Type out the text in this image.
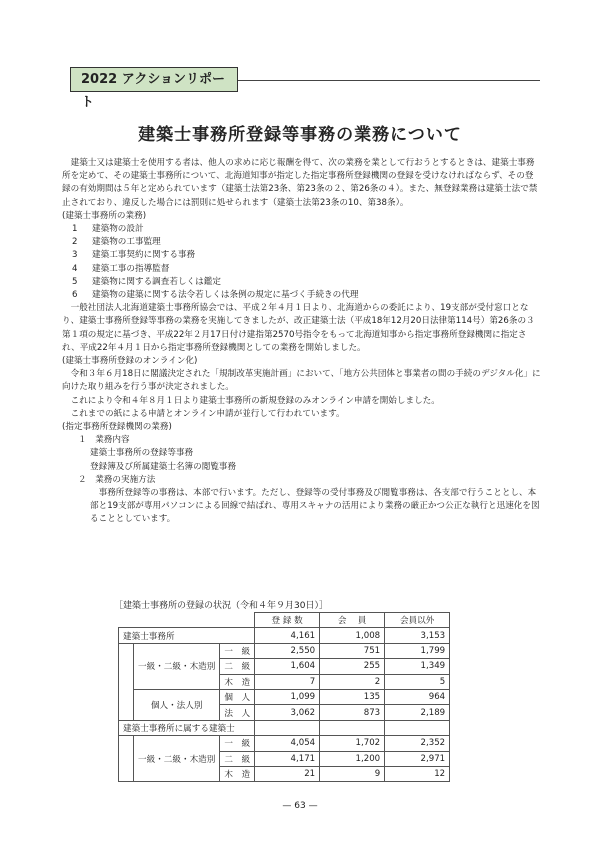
2022 アクションリポート
建築士事務所登録等事務の業務について

建築士又は建築士を使用する者は、他人の求めに応じ報酬を得て、次の業務を業として行おうとするときは、建築士事務所を定めて、その建築士事務所について、北海道知事が指定した指定事務所登録機関の登録を受けなければならず、その登録の有効期間は５年と定められています（建築士法第23条、第23条の２、第26条の４）。また、無登録業務は建築士法で禁止されており、違反した場合には罰則に処せられます（建築士法第23条の10、第38条）。

(建築士事務所の業務)

1 建築物の設計

2 建築物の工事監理

3 建築工事契約に関する事務

4 建築工事の指導監督

5 建築物に関する調査若しくは鑑定

6 建築物の建築に関する法令若しくは条例の規定に基づく手続きの代理

一般社団法人北海道建築士事務所協会では、平成２年４月１日より、北海道からの委託により、19支部が受付窓口となり、建築士事務所登録等事務の業務を実施してきましたが、改正建築士法（平成18年12月20日法律第114号）第26条の３第１項の規定に基づき、平成22年２月17日付け建指第2570号指令をもって北海道知事から指定事務所登録機関に指定され、平成22年４月１日から指定事務所登録機関としての業務を開始しました。

(建築士事務所登録のオンライン化)

令和３年６月18日に閣議決定された「規制改革実施計画」において、「地方公共団体と事業者の間の手続のデジタル化」に向けた取り組みを行う事が決定されました。

これにより令和４年８月１日より建築士事務所の新規登録のみオンライン申請を開始しました。

これまでの紙による申請とオンライン申請が並行して行われています。

(指定事務所登録機関の業務)

１　業務内容

建築士事務所の登録等事務

登録簿及び所属建築士名簿の閲覧事務

２　業務の実施方法

事務所登録等の事務は、本部で行います。ただし、登録等の受付事務及び閲覧事務は、各支部で行うこととし、本部と19支部が専用パソコンによる回線で結ばれ、専用スキャナの活用により業務の厳正かつ公正な執行と迅速化を図ることとしています。

［建築士事務所の登録の状況（令和４年９月30日）］
			登 録 数	会　 員	会員以外
建築士事務所			4,161	1,008	3,153
	一級・二級・木造別	一　級	2,550	751	1,799
		二　級	1,604	255	1,349
		木　造	7	2	5
	個人・法人別	個　人	1,099	135	964
		法　人	3,062	873	2,189
建築士事務所に属する建築士					
	一級・二級・木造別	一　級	4,054	1,702	2,352
		二　級	4,171	1,200	2,971
		木　造	21	9	12
— 63 —
